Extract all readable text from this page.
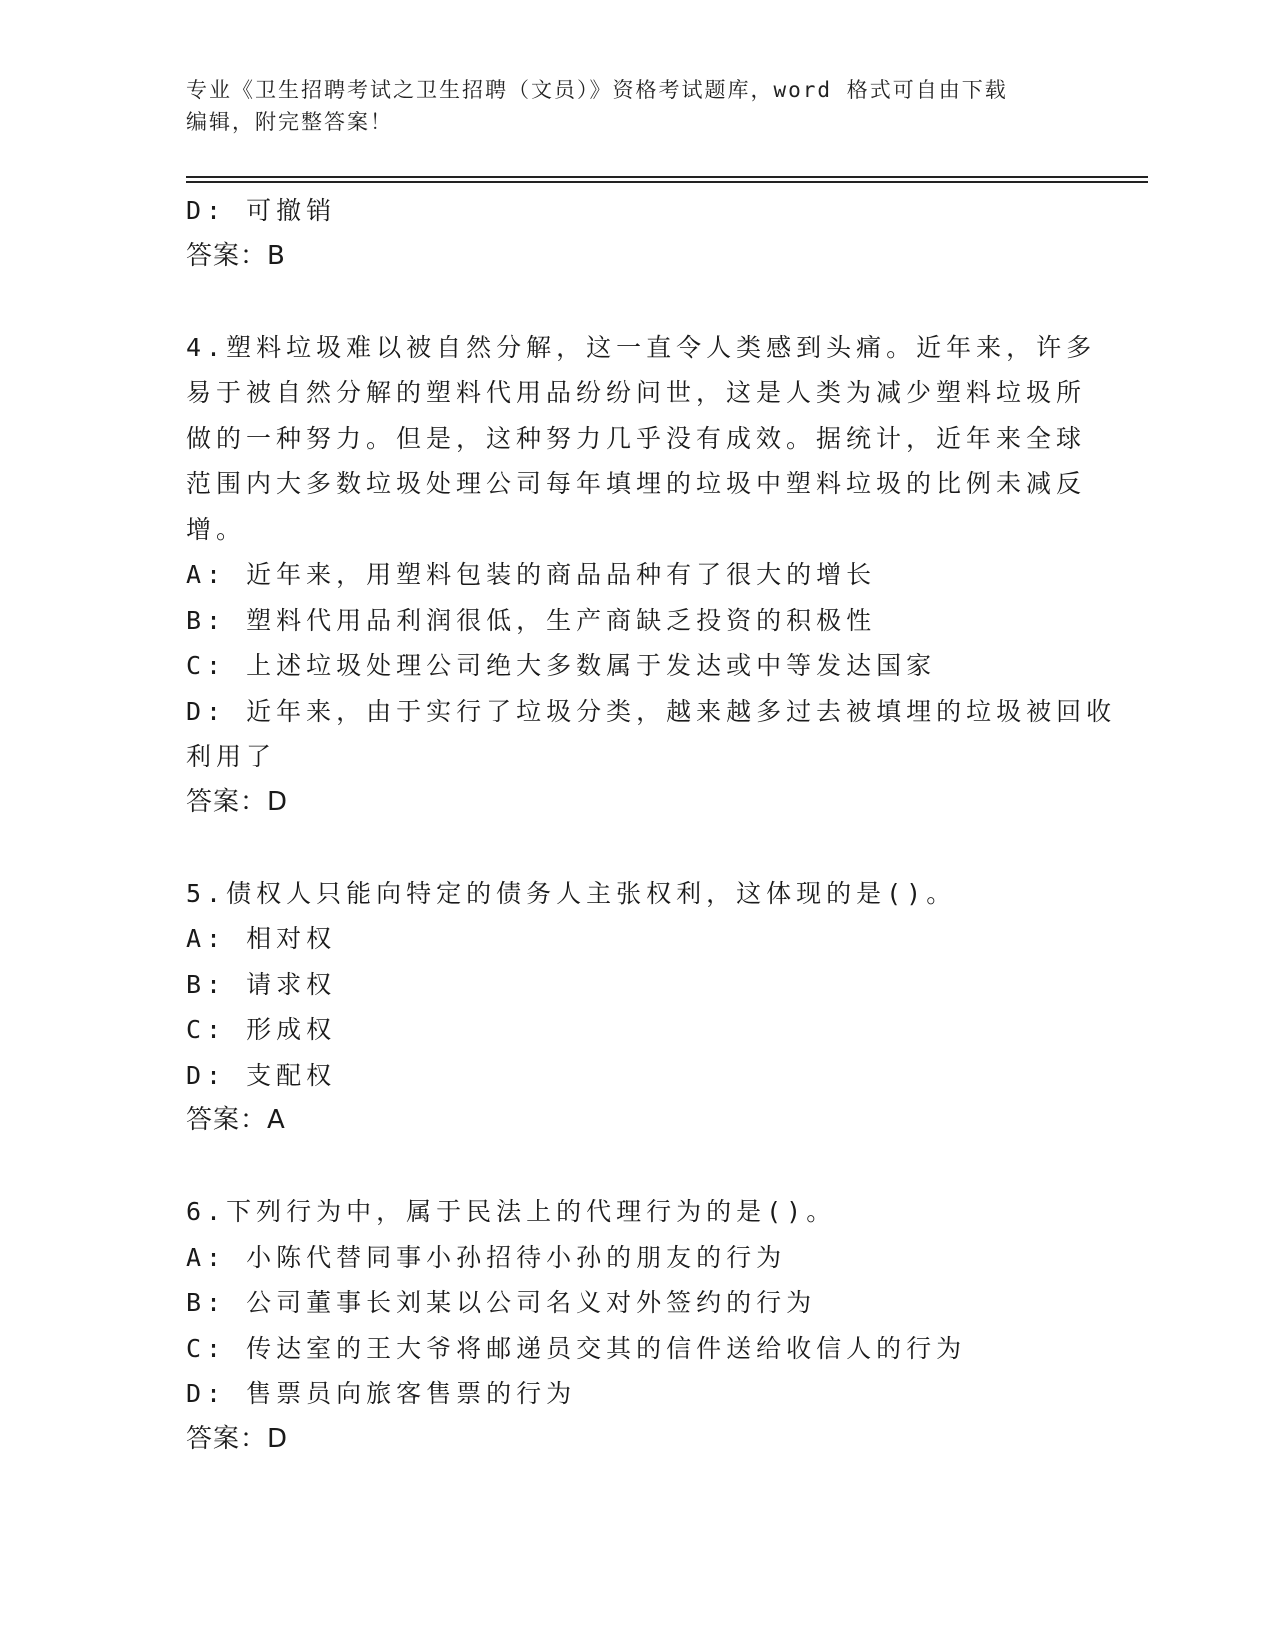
专业《卫生招聘考试之卫生招聘（文员）》资格考试题库，word 格式可自由下载
编辑，附完整答案！
D: 可撤销
答案：B
4.塑料垃圾难以被自然分解，这一直令人类感到头痛。近年来，许多
易于被自然分解的塑料代用品纷纷问世，这是人类为减少塑料垃圾所
做的一种努力。但是，这种努力几乎没有成效。据统计，近年来全球
范围内大多数垃圾处理公司每年填埋的垃圾中塑料垃圾的比例未减反
增。
A: 近年来，用塑料包装的商品品种有了很大的增长
B: 塑料代用品利润很低，生产商缺乏投资的积极性
C: 上述垃圾处理公司绝大多数属于发达或中等发达国家
D: 近年来，由于实行了垃圾分类，越来越多过去被填埋的垃圾被回收
利用了
答案：D
5.债权人只能向特定的债务人主张权利，这体现的是()。
A: 相对权
B: 请求权
C: 形成权
D: 支配权
答案：A
6.下列行为中，属于民法上的代理行为的是()。
A: 小陈代替同事小孙招待小孙的朋友的行为
B: 公司董事长刘某以公司名义对外签约的行为
C: 传达室的王大爷将邮递员交其的信件送给收信人的行为
D: 售票员向旅客售票的行为
答案：D
